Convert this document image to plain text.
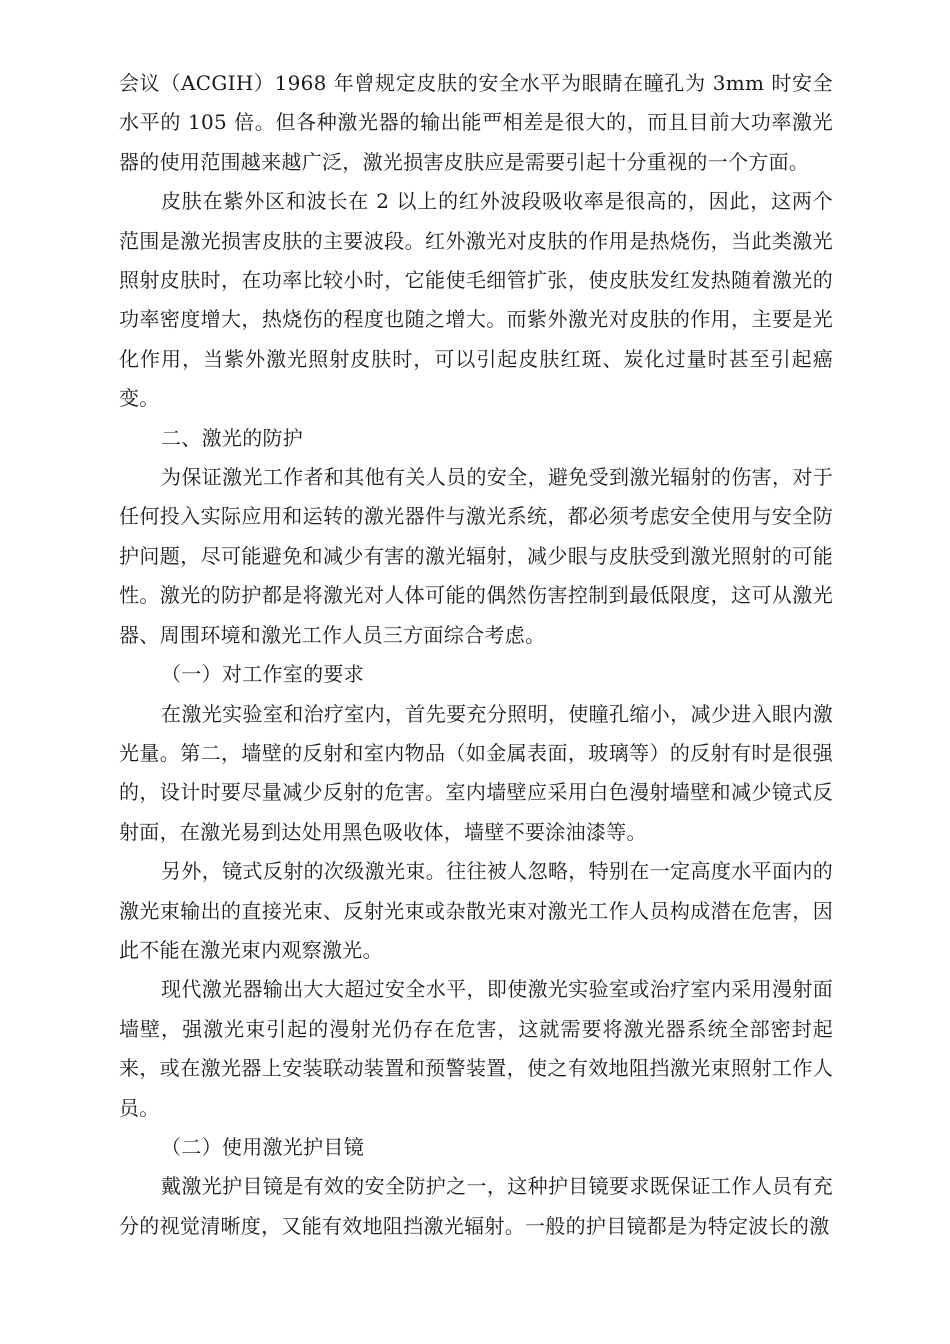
会议（ACGIH）1968 年曾规定皮肤的安全水平为眼睛在瞳孔为 3mm 时安全水平的 105 倍。但各种激光器的输出能覀相差是很大的，而且目前大功率激光器的使用范围越来越广泛，激光损害皮肤应是需要引起十分重视的一个方面。

皮肤在紫外区和波长在 2 以上的红外波段吸收率是很高的，因此，这两个范围是激光损害皮肤的主要波段。红外激光对皮肤的作用是热烧伤，当此类激光照射皮肤时，在功率比较小时，它能使毛细管扩张，使皮肤发红发热随着激光的功率密度增大，热烧伤的程度也随之增大。而紫外激光对皮肤的作用，主要是光化作用，当紫外激光照射皮肤时，可以引起皮肤红斑、炭化过量时甚至引起癌变。

二、激光的防护

为保证激光工作者和其他有关人员的安全，避免受到激光辐射的伤害，对于任何投入实际应用和运转的激光器件与激光系统，都必须考虑安全使用与安全防护问题，尽可能避免和减少有害的激光辐射，减少眼与皮肤受到激光照射的可能性。激光的防护都是将激光对人体可能的偶然伤害控制到最低限度，这可从激光器、周围环境和激光工作人员三方面综合考虑。

（一）对工作室的要求

在激光实验室和治疗室内，首先要充分照明，使瞳孔缩小，减少进入眼内激光量。第二，墙壁的反射和室内物品（如金属表面，玻璃等）的反射有时是很强的，设计时要尽量减少反射的危害。室内墙壁应采用白色漫射墙壁和减少镜式反射面，在激光易到达处用黑色吸收体，墙壁不要涂油漆等。

另外，镜式反射的次级激光束。往往被人忽略，特别在一定高度水平面内的激光束输出的直接光束、反射光束或杂散光束对激光工作人员构成潜在危害，因此不能在激光束内观察激光。

现代激光器输出大大超过安全水平，即使激光实验室或治疗室内采用漫射面墙壁，强激光束引起的漫射光仍存在危害，这就需要将激光器系统全部密封起来，或在激光器上安装联动装置和预警装置，使之有效地阻挡激光束照射工作人员。

（二）使用激光护目镜

戴激光护目镜是有效的安全防护之一，这种护目镜要求既保证工作人员有充分的视觉清晰度，又能有效地阻挡激光辐射。一般的护目镜都是为特定波长的激
